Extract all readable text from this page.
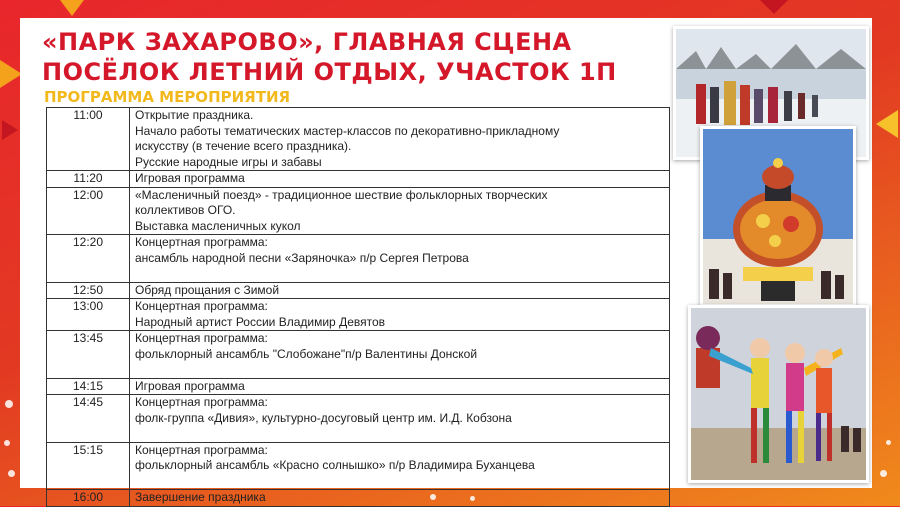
«ПАРК ЗАХАРОВО», ГЛАВНАЯ СЦЕНА
ПОСЁЛОК ЛЕТНИЙ ОТДЫХ, УЧАСТОК 1П
ПРОГРАММА МЕРОПРИЯТИЯ
11:00	Открытие праздника.
Начало работы тематических мастер-классов по декоративно-прикладному
искусству (в течение всего праздника).
Русские народные игры и забавы

11:20	Игровая программа

12:00	«Масленичный поезд» - традиционное шествие фольклорных творческих
коллективов ОГО.
Выставка масленичных кукол

12:20	Концертная программа:
ансамбль народной песни «Заряночка» п/р Сергея Петрова

12:50	Обряд прощания с Зимой

13:00	Концертная программа:
Народный артист России Владимир Девятов

13:45	Концертная программа:
фольклорный ансамбль "Слобожане"п/р Валентины Донской

14:15	Игровая программа

14:45	Концертная программа:
фолк-группа «Дивия», культурно-досуговый центр им. И.Д. Кобзона

15:15	Концертная программа:
фольклорный ансамбль «Красно солнышко» п/р Владимира Буханцева

16:00	Завершение праздника
